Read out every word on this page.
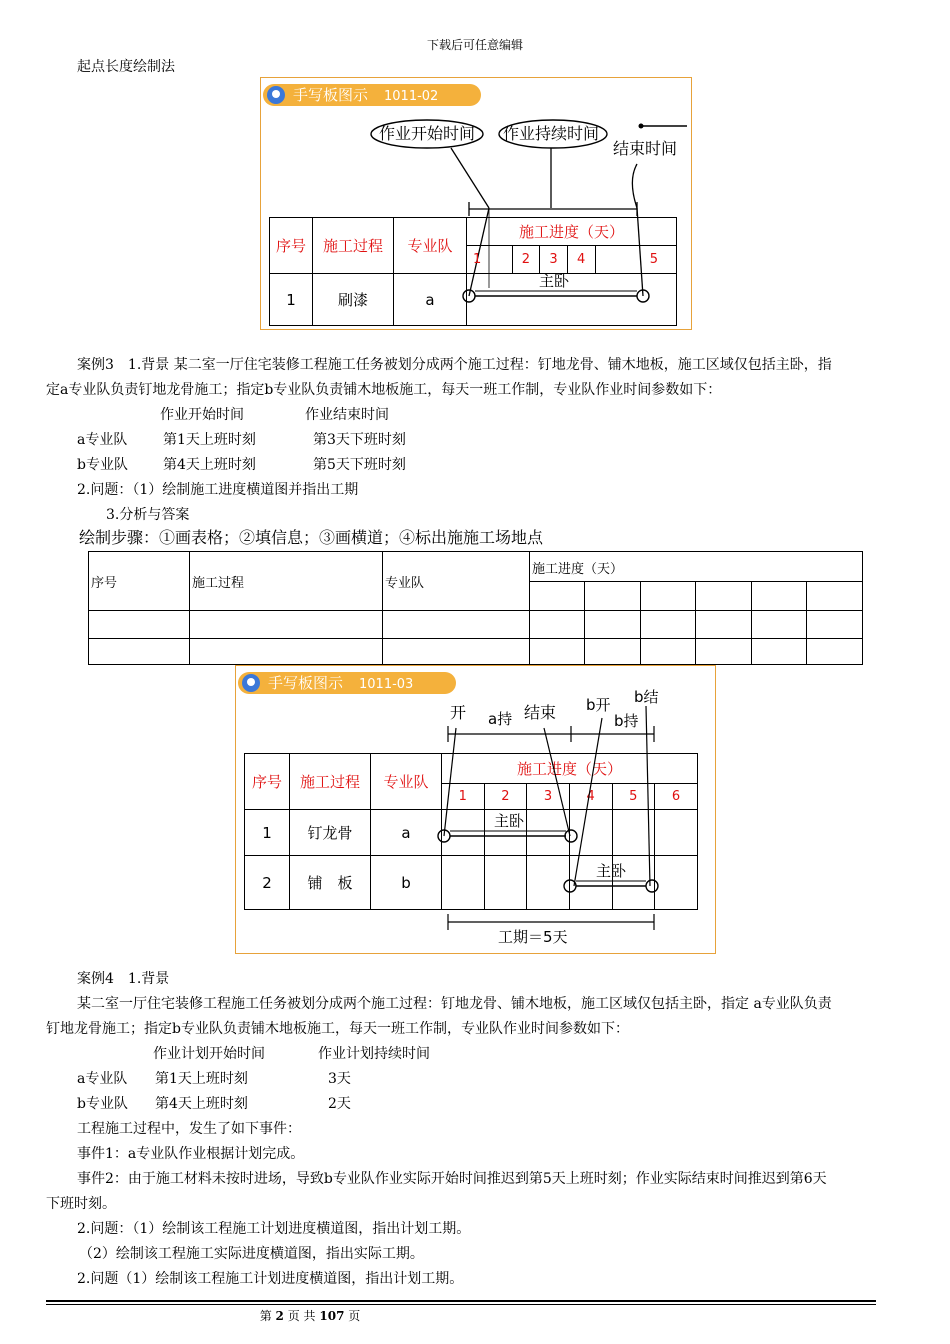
下载后可任意编辑
起点长度绘制法
手写板图示 1011-02
作业开始时间 作业持续时间
结束时间
序号	施工过程	专业队	施工进度（天）				
			1	2	3	4	5
1	刷漆	a					
主卧
案例3　1.背景 某二室一厅住宅装修工程施工任务被划分成两个施工过程：钉地龙骨、铺木地板，施工区域仅包括主卧，指
定a专业队负责钉地龙骨施工；指定b专业队负责铺木地板施工，每天一班工作制，专业队作业时间参数如下：
作业开始时间	作业结束时间
a专业队	第1天上班时刻	第3天下班时刻
b专业队	第4天上班时刻	第5天下班时刻
2.问题：（1）绘制施工进度横道图并指出工期
3.分析与答案
绘制步骤：①画表格；②填信息；③画横道；④标出施施工场地点
序号	施工过程	专业队	施工进度（天）					

手写板图示 1011-03
开 a持 结束 b开
b持
b结
序号	施工过程	专业队	施工进度（天）					
			1	2	3	4	5	6
1	钉龙骨	a						
2	铺　板	b						
主卧
主卧
工期＝5天
案例4　1.背景
某二室一厅住宅装修工程施工任务被划分成两个施工过程：钉地龙骨、铺木地板，施工区域仅包括主卧，指定 a专业队负责
钉地龙骨施工；指定b专业队负责铺木地板施工，每天一班工作制，专业队作业时间参数如下：
作业计划开始时间	作业计划持续时间
a专业队 第1天上班时刻	3天
b专业队 第4天上班时刻	2天
工程施工过程中，发生了如下事件：
事件1：a专业队作业根据计划完成。
事件2：由于施工材料未按时进场，导致b专业队作业实际开始时间推迟到第5天上班时刻；作业实际结束时间推迟到第6天
下班时刻。
2.问题：（1）绘制该工程施工计划进度横道图，指出计划工期。
（2）绘制该工程施工实际进度横道图，指出实际工期。
2.问题（1）绘制该工程施工计划进度横道图，指出计划工期。
第 2 页 共 107 页
